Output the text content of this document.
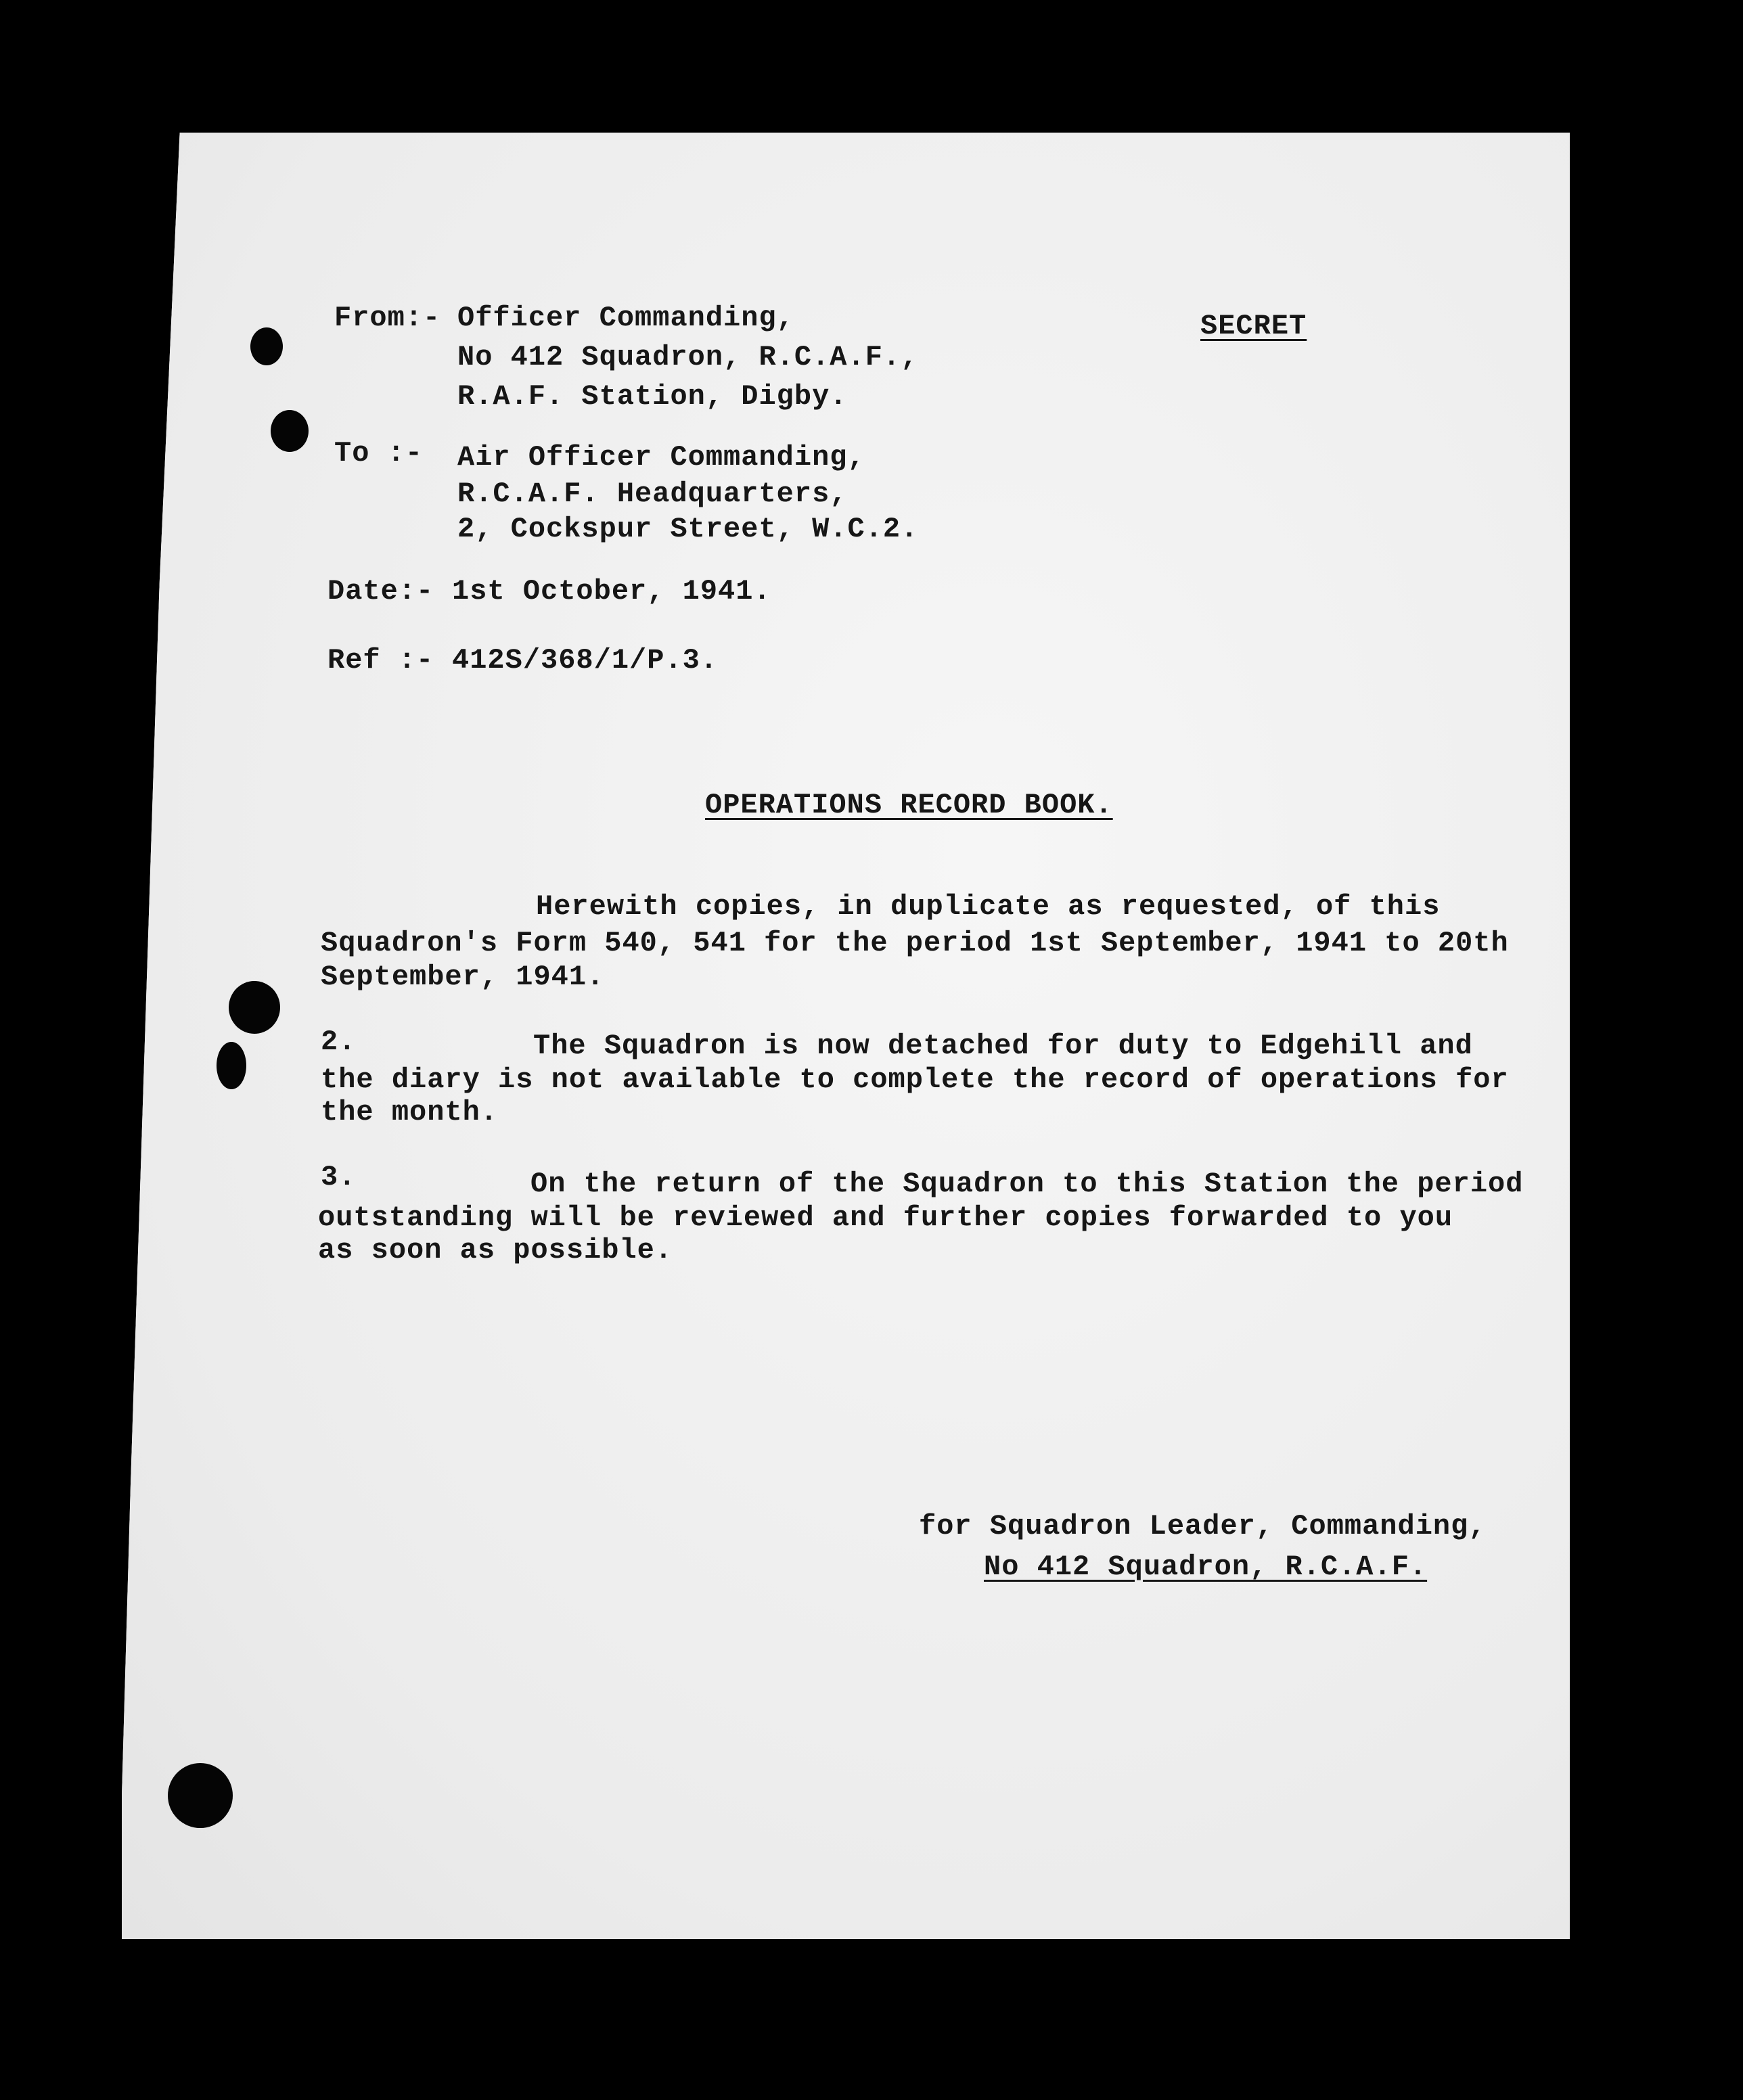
From:- Officer Commanding,
No 412 Squadron, R.C.A.F.,
R.A.F. Station, Digby.
SECRET
To :- Air Officer Commanding,
R.C.A.F. Headquarters,
2, Cockspur Street, W.C.2.
Date:- 1st October, 1941.
Ref :- 412S/368/1/P.3.
OPERATIONS RECORD BOOK.
Herewith copies, in duplicate as requested, of this
Squadron's Form 540, 541 for the period 1st September, 1941 to 20th
September, 1941.
2.	The Squadron is now detached for duty to Edgehill and
the diary is not available to complete the record of operations for
the month.
3.	On the return of the Squadron to this Station the period
outstanding will be reviewed and further copies forwarded to you
as soon as possible.
for Squadron Leader, Commanding,
No 412 Squadron, R.C.A.F.
